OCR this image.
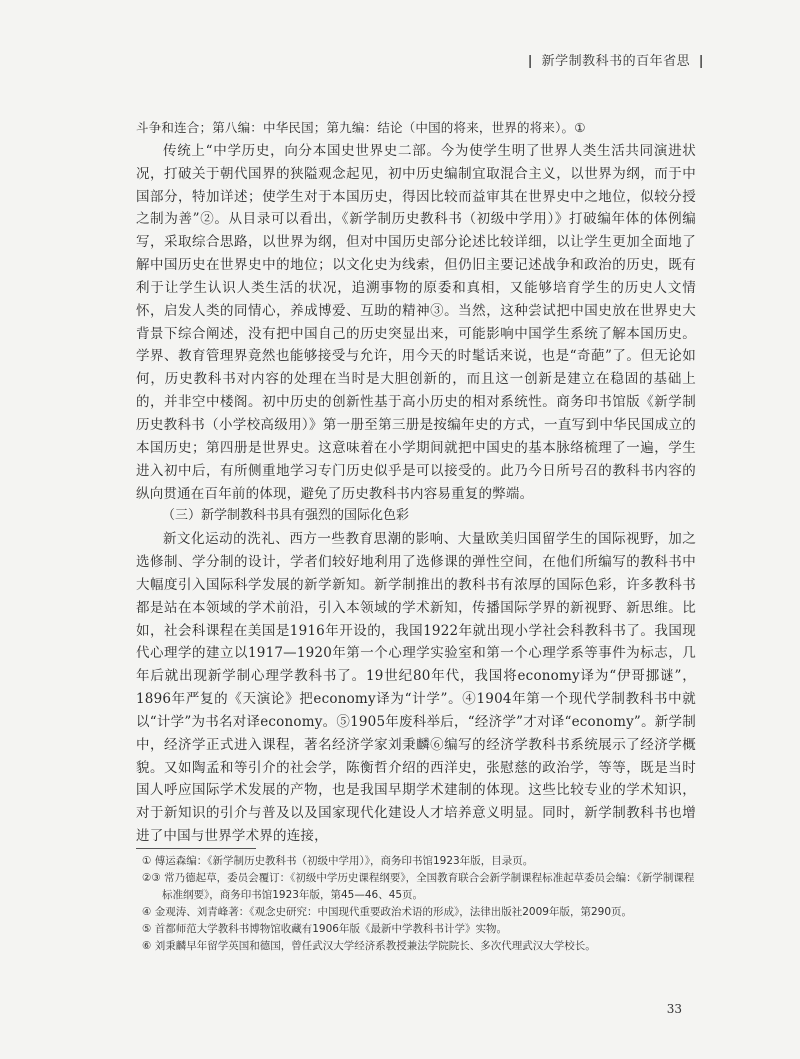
| 新学制教科书的百年省思 |

斗争和连合；第八编：中华民国；第九编：结论（中国的将来，世界的将来）。①

传统上“中学历史，向分本国史世界史二部。今为使学生明了世界人类生活共同演进状况，打破关于朝代国界的狭隘观念起见，初中历史编制宜取混合主义，以世界为纲，而于中国部分，特加详述；使学生对于本国历史，得因比较而益审其在世界史中之地位，似较分授之制为善”②。从目录可以看出，《新学制历史教科书（初级中学用）》打破编年体的体例编写，采取综合思路，以世界为纲，但对中国历史部分论述比较详细，以让学生更加全面地了解中国历史在世界史中的地位；以文化史为线索，但仍旧主要记述战争和政治的历史，既有利于让学生认识人类生活的状况，追溯事物的原委和真相，又能够培育学生的历史人文情怀，启发人类的同情心，养成博爱、互助的精神③。当然，这种尝试把中国史放在世界史大背景下综合阐述，没有把中国自己的历史突显出来，可能影响中国学生系统了解本国历史。学界、教育管理界竟然也能够接受与允许，用今天的时髦话来说，也是“奇葩”了。但无论如何，历史教科书对内容的处理在当时是大胆创新的，而且这一创新是建立在稳固的基础上的，并非空中楼阁。初中历史的创新性基于高小历史的相对系统性。商务印书馆版《新学制历史教科书（小学校高级用）》第一册至第三册是按编年史的方式，一直写到中华民国成立的本国历史；第四册是世界史。这意味着在小学期间就把中国史的基本脉络梳理了一遍，学生进入初中后，有所侧重地学习专门历史似乎是可以接受的。此乃今日所号召的教科书内容的纵向贯通在百年前的体现，避免了历史教科书内容易重复的弊端。

（三）新学制教科书具有强烈的国际化色彩

新文化运动的洗礼、西方一些教育思潮的影响、大量欧美归国留学生的国际视野，加之选修制、学分制的设计，学者们较好地利用了选修课的弹性空间，在他们所编写的教科书中大幅度引入国际科学发展的新学新知。新学制推出的教科书有浓厚的国际色彩，许多教科书都是站在本领域的学术前沿，引入本领域的学术新知，传播国际学界的新视野、新思维。比如，社会科课程在美国是1916年开设的，我国1922年就出现小学社会科教科书了。我国现代心理学的建立以1917—1920年第一个心理学实验室和第一个心理学系等事件为标志，几年后就出现新学制心理学教科书了。19世纪80年代，我国将economy译为“伊哥挪谜”，1896年严复的《天演论》把economy译为“计学”。④1904年第一个现代学制教科书中就以“计学”为书名对译economy。⑤1905年废科举后，“经济学”才对译“economy”。新学制中，经济学正式进入课程，著名经济学家刘秉麟⑥编写的经济学教科书系统展示了经济学概貌。又如陶孟和等引介的社会学，陈衡哲介绍的西洋史，张慰慈的政治学，等等，既是当时国人呼应国际学术发展的产物，也是我国早期学术建制的体现。这些比较专业的学术知识，对于新知识的引介与普及以及国家现代化建设人才培养意义明显。同时，新学制教科书也增进了中国与世界学术界的连接，

① 傅运森编：《新学制历史教科书（初级中学用）》，商务印书馆1923年版，目录页。

②③ 常乃德起草，委员会覆订：《初级中学历史课程纲要》，全国教育联合会新学制课程标准起草委员会编：《新学制课程标准纲要》，商务印书馆1923年版，第45—46、45页。

④ 金观涛、刘青峰著：《观念史研究：中国现代重要政治术语的形成》，法律出版社2009年版，第290页。

⑤ 首都师范大学教科书博物馆收藏有1906年版《最新中学教科书计学》实物。

⑥ 刘秉麟早年留学英国和德国，曾任武汉大学经济系教授兼法学院院长、多次代理武汉大学校长。

33
